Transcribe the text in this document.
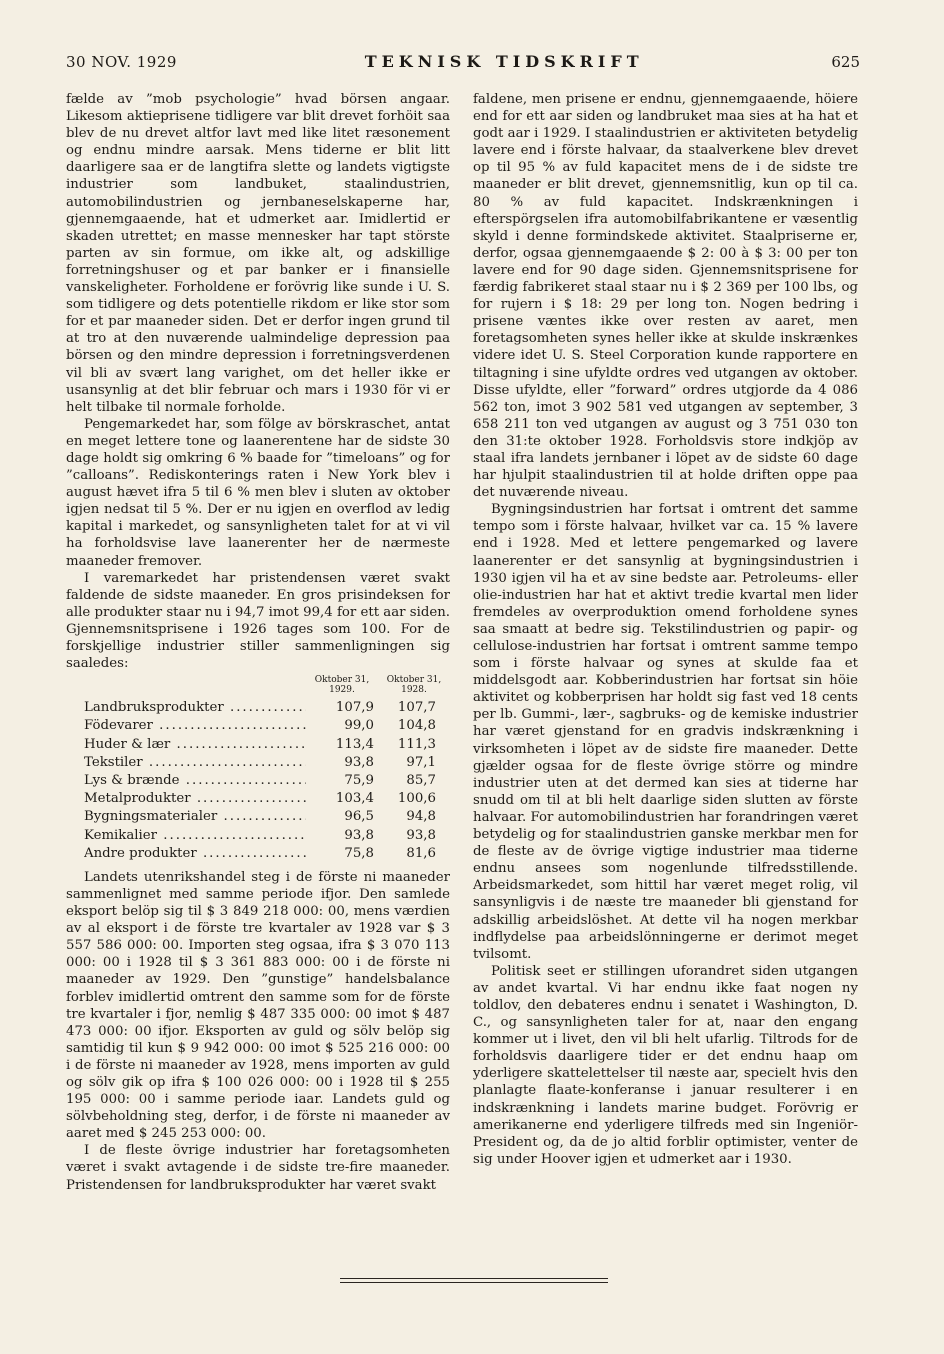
30 NOV. 1929	TEKNISK TIDSKRIFT	625

fælde av ”mob psychologie” hvad börsen angaar. Likesom aktieprisene tidligere var blit drevet forhöit saa blev de nu drevet altfor lavt med like litet ræsonement og endnu mindre aarsak. Mens tiderne er blit litt daarligere saa er de langtifra slette og landets vigtigste industrier som landbuket, staalindustrien, automobilindustrien og jernbaneselskaperne har, gjennemgaaende, hat et udmerket aar. Imidlertid er skaden utrettet; en masse mennesker har tapt störste parten av sin formue, om ikke alt, og adskillige forretningshuser og et par banker er i finansielle vanskeligheter. Forholdene er forövrig like sunde i U. S. som tidligere og dets potentielle rikdom er like stor som for et par maaneder siden. Det er derfor ingen grund til at tro at den nuværende ualmindelige depression paa börsen og den mindre depression i forretningsverdenen vil bli av svært lang varighet, om det heller ikke er usansynlig at det blir februar och mars i 1930 för vi er helt tilbake til normale forholde.

Pengemarkedet har, som fölge av börskraschet, antat en meget lettere tone og laanerentene har de sidste 30 dage holdt sig omkring 6 % baade for ”timeloans” og for ”calloans”. Rediskonterings raten i New York blev i august hævet ifra 5 til 6 % men blev i sluten av oktober igjen nedsat til 5 %. Der er nu igjen en overflod av ledig kapital i markedet, og sansynligheten talet for at vi vil ha forholdsvise lave laanerenter her de nærmeste maaneder fremover.

I varemarkedet har pristendensen været svakt faldende de sidste maaneder. En gros prisindeksen for alle produkter staar nu i 94,7 imot 99,4 for ett aar siden. Gjennemsnitsprisene i 1926 tages som 100. For de forskjellige industrier stiller sammenligningen sig saaledes:

Oktober 31, 1929.
Oktober 31, 1928.
Landbruksprodukter .....	107,9	107,7
Födevarer .....	99,0	104,8
Huder & lær .....	113,4	111,3
Tekstiler .....	93,8	97,1
Lys & brænde .....	75,9	85,7
Metalprodukter .....	103,4	100,6
Bygningsmaterialer .....	96,5	94,8
Kemikalier .....	93,8	93,8
Andre produkter .....	75,8	81,6

Landets utenrikshandel steg i de förste ni maaneder sammenlignet med samme periode ifjor. Den samlede eksport belöp sig til $ 3 849 218 000: 00, mens værdien av al eksport i de förste tre kvartaler av 1928 var $ 3 557 586 000: 00. Importen steg ogsaa, ifra $ 3 070 113 000: 00 i 1928 til $ 3 361 883 000: 00 i de förste ni maaneder av 1929. Den ”gunstige” handelsbalance forblev imidlertid omtrent den samme som for de förste tre kvartaler i fjor, nemlig $ 487 335 000: 00 imot $ 487 473 000: 00 ifjor. Eksporten av guld og sölv belöp sig samtidig til kun $ 9 942 000: 00 imot $ 525 216 000: 00 i de förste ni maaneder av 1928, mens importen av guld og sölv gik op ifra $ 100 026 000: 00 i 1928 til $ 255 195 000: 00 i samme periode iaar. Landets guld og sölvbeholdning steg, derfor, i de förste ni maaneder av aaret med $ 245 253 000: 00.

I de fleste övrige industrier har foretagsomheten været i svakt avtagende i de sidste tre-fire maaneder. Pristendensen for landbruksprodukter har været svakt

faldene, men prisene er endnu, gjennemgaaende, höiere end for ett aar siden og landbruket maa sies at ha hat et godt aar i 1929. I staalindustrien er aktiviteten betydelig lavere end i förste halvaar, da staalverkene blev drevet op til 95 % av fuld kapacitet mens de i de sidste tre maaneder er blit drevet, gjennemsnitlig, kun op til ca. 80 % av fuld kapacitet. Indskrænkningen i efterspörgselen ifra automobilfabrikantene er væsentlig skyld i denne formindskede aktivitet. Staalpriserne er, derfor, ogsaa gjennemgaaende $ 2: 00 à $ 3: 00 per ton lavere end for 90 dage siden. Gjennemsnitsprisene for færdig fabrikeret staal staar nu i $ 2 369 per 100 lbs, og for rujern i $ 18: 29 per long ton. Nogen bedring i prisene væntes ikke over resten av aaret, men foretagsomheten synes heller ikke at skulde inskrænkes videre idet U. S. Steel Corporation kunde rapportere en tiltagning i sine ufyldte ordres ved utgangen av oktober. Disse ufyldte, eller ”forward” ordres utgjorde da 4 086 562 ton, imot 3 902 581 ved utgangen av september, 3 658 211 ton ved utgangen av august og 3 751 030 ton den 31:te oktober 1928. Forholdsvis store indkjöp av staal ifra landets jernbaner i löpet av de sidste 60 dage har hjulpit staalindustrien til at holde driften oppe paa det nuværende niveau.

Bygningsindustrien har fortsat i omtrent det samme tempo som i förste halvaar, hvilket var ca. 15 % lavere end i 1928. Med et lettere pengemarked og lavere laanerenter er det sansynlig at bygningsindustrien i 1930 igjen vil ha et av sine bedste aar. Petroleums- eller olie-industrien har hat et aktivt tredie kvartal men lider fremdeles av overproduktion omend forholdene synes saa smaatt at bedre sig. Tekstilindustrien og papir- og cellulose-industrien har fortsat i omtrent samme tempo som i förste halvaar og synes at skulde faa et middelsgodt aar. Kobberindustrien har fortsat sin höie aktivitet og kobberprisen har holdt sig fast ved 18 cents per lb. Gummi-, lær-, sagbruks- og de kemiske industrier har været gjenstand for en gradvis indskrænkning i virksomheten i löpet av de sidste fire maaneder. Dette gjælder ogsaa for de fleste övrige större og mindre industrier uten at det dermed kan sies at tiderne har snudd om til at bli helt daarlige siden slutten av förste halvaar. For automobilindustrien har forandringen været betydelig og for staalindustrien ganske merkbar men for de fleste av de övrige vigtige industrier maa tiderne endnu ansees som nogenlunde tilfredsstillende. Arbeidsmarkedet, som hittil har været meget rolig, vil sansynligvis i de næste tre maaneder bli gjenstand for adskillig arbeidslöshet. At dette vil ha nogen merkbar indflydelse paa arbeidslönningerne er derimot meget tvilsomt.

Politisk seet er stillingen uforandret siden utgangen av andet kvartal. Vi har endnu ikke faat nogen ny toldlov, den debateres endnu i senatet i Washington, D. C., og sansynligheten taler for at, naar den engang kommer ut i livet, den vil bli helt ufarlig. Tiltrods for de forholdsvis daarligere tider er det endnu haap om yderligere skattelettelser til næste aar, specielt hvis den planlagte flaate-konferanse i januar resulterer i en indskrænkning i landets marine budget. Forövrig er amerikanerne end yderligere tilfreds med sin Ingeniör-President og, da de jo altid forblir optimister, venter de sig under Hoover igjen et udmerket aar i 1930.
